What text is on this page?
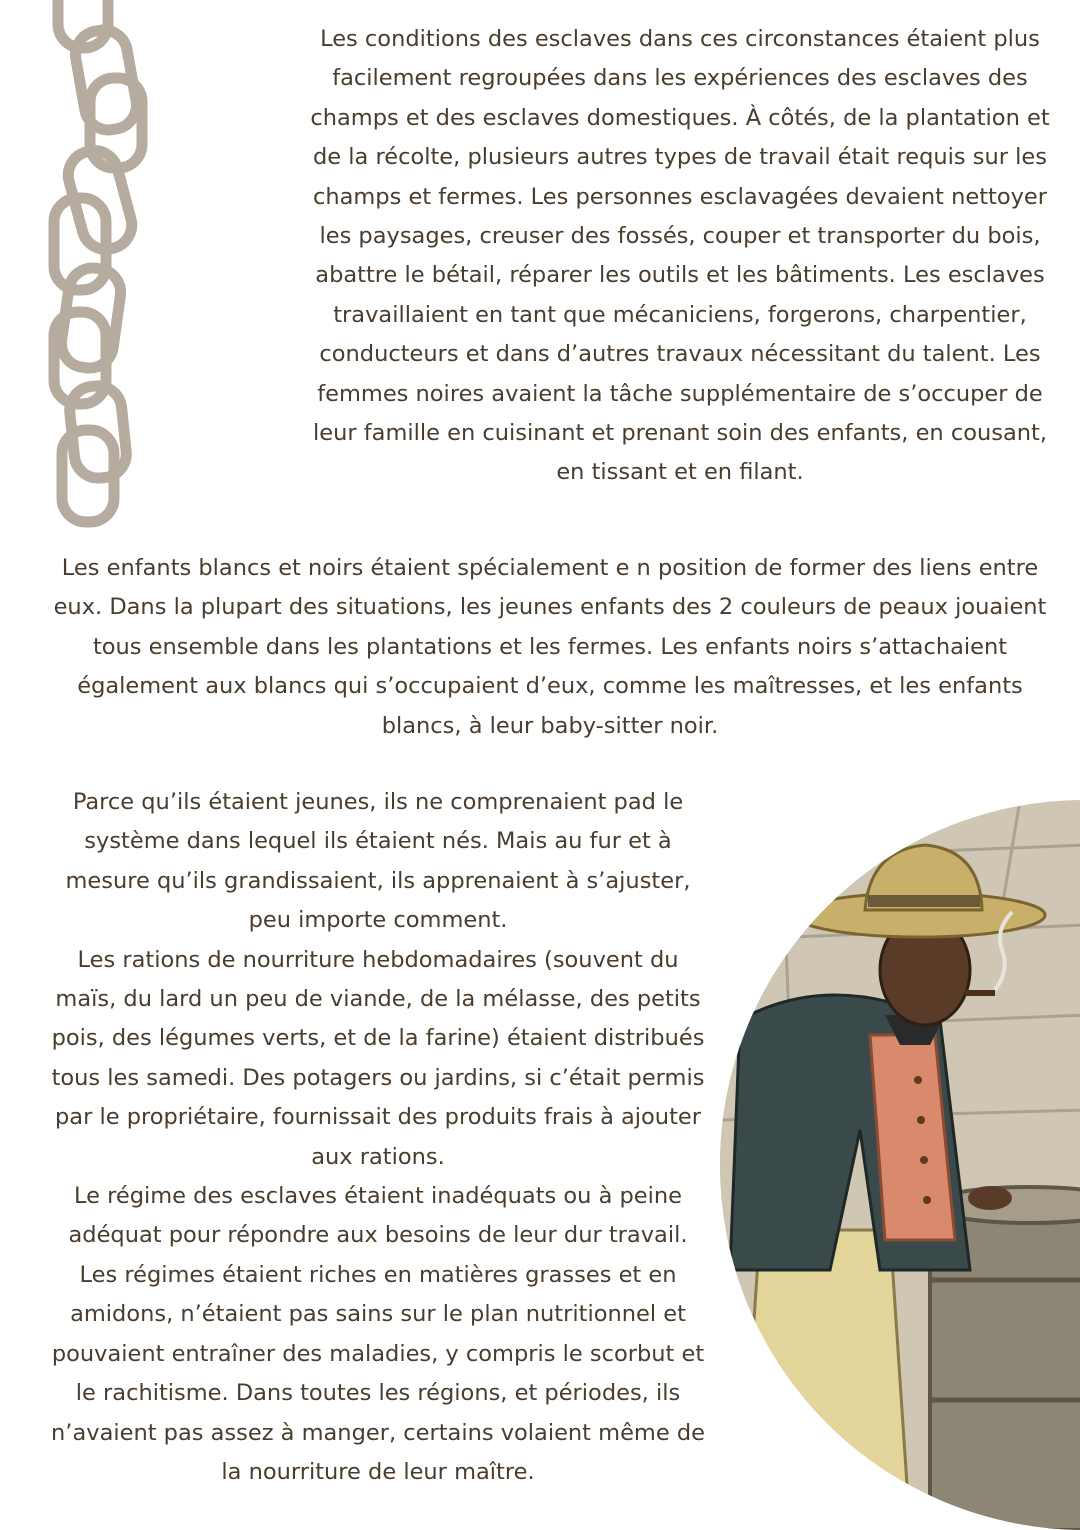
Les conditions des esclaves dans ces circonstances étaient plus facilement regroupées dans les expériences des esclaves des champs et des esclaves domestiques. À côtés, de la plantation et de la récolte, plusieurs autres types de travail était requis sur les champs et fermes. Les personnes esclavagées devaient nettoyer les paysages, creuser des fossés, couper et transporter du bois, abattre le bétail, réparer les outils et les bâtiments. Les esclaves travaillaient en tant que mécaniciens, forgerons, charpentier, conducteurs et dans d’autres travaux nécessitant du talent. Les femmes noires avaient la tâche supplémentaire de s’occuper de leur famille en cuisinant et prenant soin des enfants, en cousant, en tissant et en filant.

Les enfants blancs et noirs étaient spécialement e n position de former des liens entre eux. Dans la plupart des situations, les jeunes enfants des 2 couleurs de peaux jouaient tous ensemble dans les plantations et les fermes. Les enfants noirs s’attachaient également aux blancs qui s’occupaient d’eux, comme les maîtresses, et les enfants blancs, à leur baby-sitter noir.

Parce qu’ils étaient jeunes, ils ne comprenaient pad le système dans lequel ils étaient nés. Mais au fur et à mesure qu’ils grandissaient, ils apprenaient à s’ajuster, peu importe comment.
Les rations de nourriture hebdomadaires (souvent du maïs, du lard un peu de viande, de la mélasse, des petits pois, des légumes verts, et de la farine) étaient distribués tous les samedi. Des potagers ou jardins, si c’était permis par le propriétaire, fournissait des produits frais à ajouter aux rations.
Le régime des esclaves étaient inadéquats ou à peine adéquat pour répondre aux besoins de leur dur travail. Les régimes étaient riches en matières grasses et en amidons, n’étaient pas sains sur le plan nutritionnel et pouvaient entraîner des maladies, y compris le scorbut et le rachitisme. Dans toutes les régions, et périodes, ils n’avaient pas assez à manger, certains volaient même de la nourriture de leur maître.
